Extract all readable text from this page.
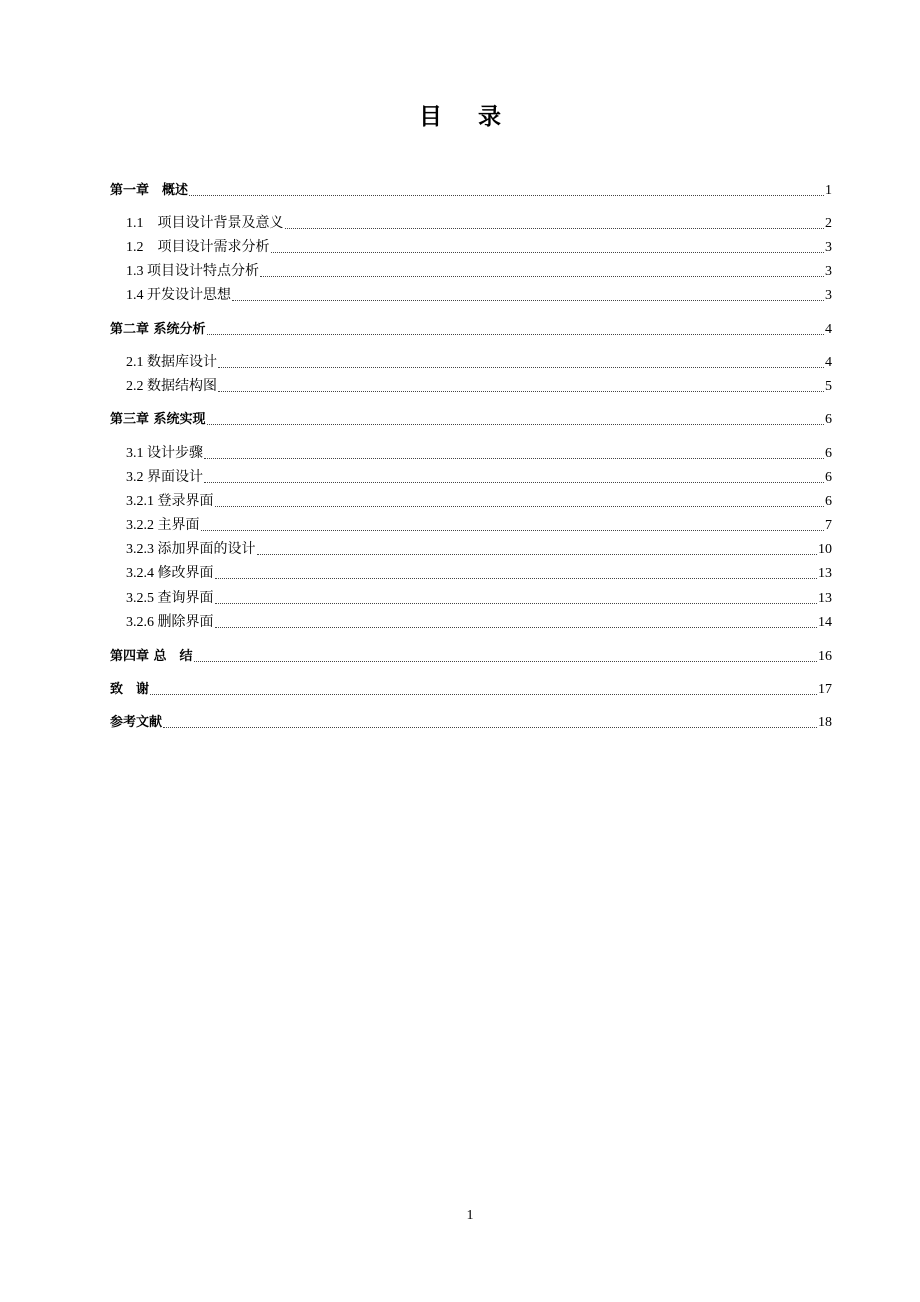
目 录
第一章　概述	1
1.1　项目设计背景及意义	2
1.2　项目设计需求分析	3
1.3 项目设计特点分析	3
1.4 开发设计思想	3
第二章 系统分析	4
2.1 数据库设计	4
2.2 数据结构图	5
第三章 系统实现	6
3.1 设计步骤	6
3.2 界面设计	6
3.2.1 登录界面	6
3.2.2 主界面	7
3.2.3 添加界面的设计	10
3.2.4 修改界面	13
3.2.5 查询界面	13
3.2.6 删除界面	14
第四章 总　结	16
致　谢	17
参考文献	18
1
